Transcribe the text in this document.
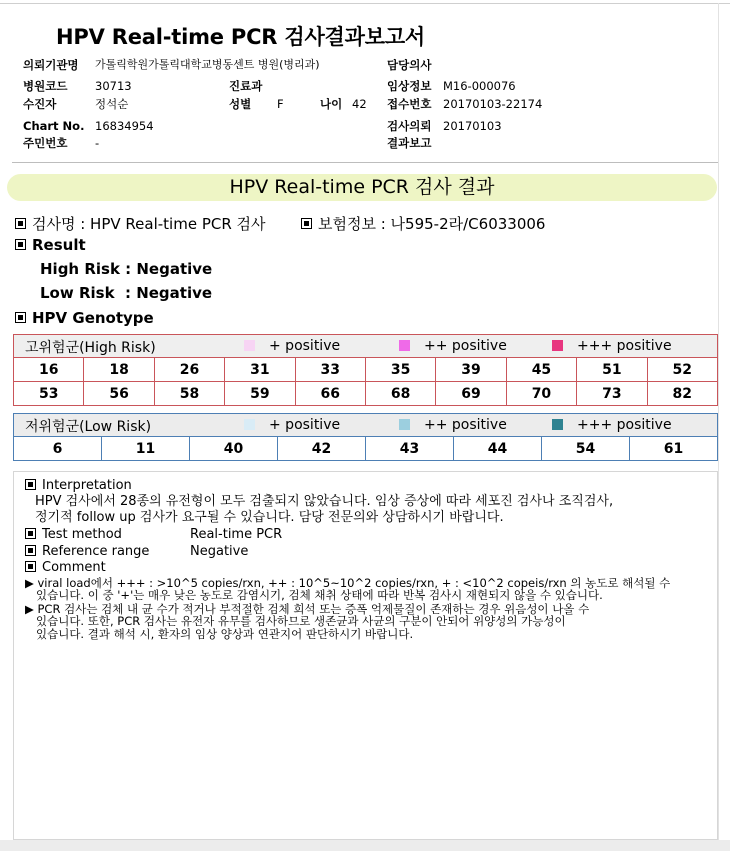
HPV Real-time PCR 검사결과보고서
의뢰기관명 가톨릭학원가톨릭대학교병동센트 병원(병리과)	담당의사
병원코드 30713	진료과	임상정보 M16-000076
수진자	정석순	성별 F	나이 42 접수번호 20170103-22174
Chart No. 16834954	검사의뢰 20170103
주민번호 -	결과보고
HPV Real-time PCR 검사 결과
검사명 : HPV Real-time PCR 검사	보험정보 : 나595-2라/C6033006
Result
High Risk : Negative
Low Risk  : Negative
HPV Genotype
고위험군(High Risk)	+ positive	++ positive	+++ positive
16	18	26	31	33	35	39	45	51	52
53	56	58	59	66	68	69	70	73	82
저위험군(Low Risk)	+ positive	++ positive	+++ positive
6	11	40	42	43	44	54	61
Interpretation
HPV 검사에서 28종의 유전형이 모두 검출되지 않았습니다. 임상 증상에 따라 세포진 검사나 조직검사,
정기적 follow up 검사가 요구될 수 있습니다. 담당 전문의와 상담하시기 바랍니다.
Test method	Real-time PCR
Reference range	Negative
Comment
▶ viral load에서 +++ : >10^5 copies/rxn, ++ : 10^5~10^2 copies/rxn, + : <10^2 copeis/rxn 의 농도로 해석될 수
있습니다. 이 중 '+'는 매우 낮은 농도로 감염시기, 검체 채취 상태에 따라 반복 검사시 재현되지 않을 수 있습니다.
▶ PCR 검사는 검체 내 균 수가 적거나 부적절한 검체 희석 또는 증폭 억제물질이 존재하는 경우 위음성이 나올 수
있습니다. 또한, PCR 검사는 유전자 유무를 검사하므로 생존균과 사균의 구분이 안되어 위양성의 가능성이
있습니다. 결과 해석 시, 환자의 임상 양상과 연관지어 판단하시기 바랍니다.
